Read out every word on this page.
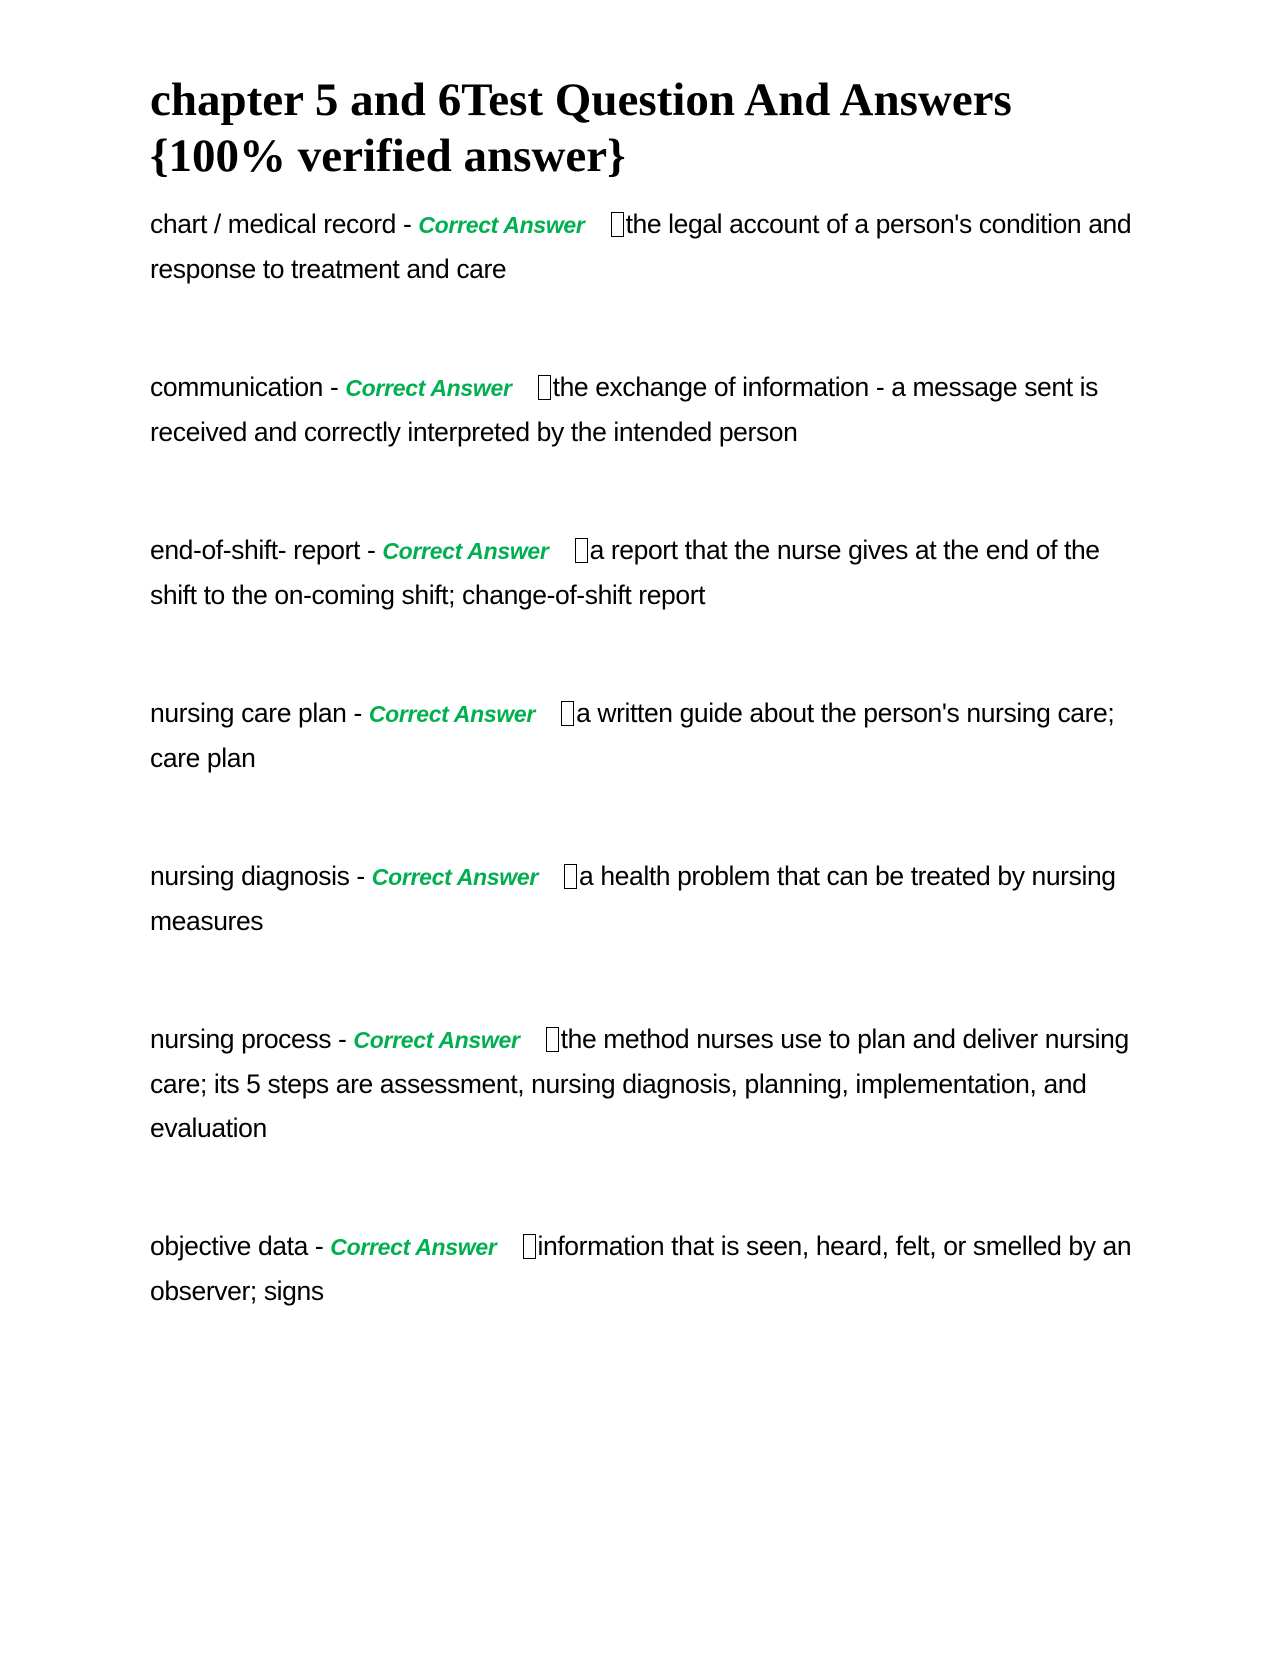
chapter 5 and 6Test Question And Answers {100% verified answer}

chart / medical record - Correct Answer the legal account of a person's condition and response to treatment and care

communication - Correct Answer the exchange of information - a message sent is received and correctly interpreted by the intended person

end-of-shift- report - Correct Answer a report that the nurse gives at the end of the shift to the on-coming shift; change-of-shift report

nursing care plan - Correct Answer a written guide about the person's nursing care; care plan

nursing diagnosis - Correct Answer a health problem that can be treated by nursing measures

nursing process - Correct Answer the method nurses use to plan and deliver nursing care; its 5 steps are assessment, nursing diagnosis, planning, implementation, and evaluation

objective data - Correct Answer information that is seen, heard, felt, or smelled by an observer; signs
